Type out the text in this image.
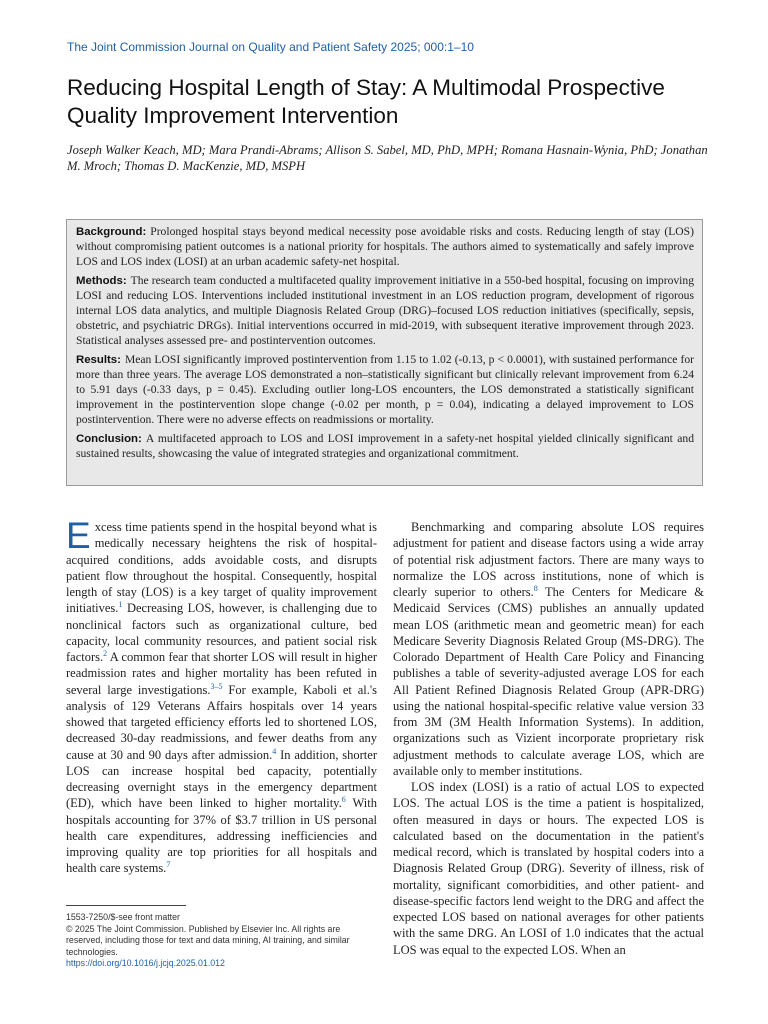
The Joint Commission Journal on Quality and Patient Safety 2025; 000:1–10
Reducing Hospital Length of Stay: A Multimodal Prospective Quality Improvement Intervention
Joseph Walker Keach, MD; Mara Prandi-Abrams; Allison S. Sabel, MD, PhD, MPH; Romana Hasnain-Wynia, PhD; Jonathan M. Mroch; Thomas D. MacKenzie, MD, MSPH

Background: Prolonged hospital stays beyond medical necessity pose avoidable risks and costs. Reducing length of stay (LOS) without compromising patient outcomes is a national priority for hospitals. The authors aimed to systematically and safely improve LOS and LOS index (LOSI) at an urban academic safety-net hospital.

Methods: The research team conducted a multifaceted quality improvement initiative in a 550-bed hospital, focusing on improving LOSI and reducing LOS. Interventions included institutional investment in an LOS reduction program, development of rigorous internal LOS data analytics, and multiple Diagnosis Related Group (DRG)–focused LOS reduction initiatives (specifically, sepsis, obstetric, and psychiatric DRGs). Initial interventions occurred in mid-2019, with subsequent iterative improvement through 2023. Statistical analyses assessed pre- and postintervention outcomes.

Results: Mean LOSI significantly improved postintervention from 1.15 to 1.02 (-0.13, p < 0.0001), with sustained performance for more than three years. The average LOS demonstrated a non–statistically significant but clinically relevant improvement from 6.24 to 5.91 days (-0.33 days, p = 0.45). Excluding outlier long-LOS encounters, the LOS demonstrated a statistically significant improvement in the postintervention slope change (-0.02 per month, p = 0.04), indicating a delayed improvement to LOS postintervention. There were no adverse effects on readmissions or mortality.

Conclusion: A multifaceted approach to LOS and LOSI improvement in a safety-net hospital yielded clinically significant and sustained results, showcasing the value of integrated strategies and organizational commitment.

Excess time patients spend in the hospital beyond what is medically necessary heightens the risk of hospital-acquired conditions, adds avoidable costs, and disrupts patient flow throughout the hospital. Consequently, hospital length of stay (LOS) is a key target of quality improvement initiatives.$^1$ Decreasing LOS, however, is challenging due to nonclinical factors such as organizational culture, bed capacity, local community resources, and patient social risk factors.$^2$ A common fear that shorter LOS will result in higher readmission rates and higher mortality has been refuted in several large investigations.$^{3-5}$ For example, Kaboli et al.'s analysis of 129 Veterans Affairs hospitals over 14 years showed that targeted efficiency efforts led to shortened LOS, decreased 30-day readmissions, and fewer deaths from any cause at 30 and 90 days after admission.$^4$ In addition, shorter LOS can increase hospital bed capacity, potentially decreasing overnight stays in the emergency department (ED), which have been linked to higher mortality.$^6$ With hospitals accounting for 37% of $3.7 trillion in US personal health care expenditures, addressing inefficiencies and improving quality are top priorities for all hospitals and health care systems.$^7$

Benchmarking and comparing absolute LOS requires adjustment for patient and disease factors using a wide array of potential risk adjustment factors. There are many ways to normalize the LOS across institutions, none of which is clearly superior to others.$^8$ The Centers for Medicare & Medicaid Services (CMS) publishes an annually updated mean LOS (arithmetic mean and geometric mean) for each Medicare Severity Diagnosis Related Group (MS-DRG). The Colorado Department of Health Care Policy and Financing publishes a table of severity-adjusted average LOS for each All Patient Refined Diagnosis Related Group (APR-DRG) using the national hospital-specific relative value version 33 from 3M (3M Health Information Systems). In addition, organizations such as Vizient incorporate proprietary risk adjustment methods to calculate average LOS, which are available only to member institutions.

LOS index (LOSI) is a ratio of actual LOS to expected LOS. The actual LOS is the time a patient is hospitalized, often measured in days or hours. The expected LOS is calculated based on the documentation in the patient's medical record, which is translated by hospital coders into a Diagnosis Related Group (DRG). Severity of illness, risk of mortality, significant comorbidities, and other patient- and disease-specific factors lend weight to the DRG and affect the expected LOS based on national averages for other patients with the same DRG. An LOSI of 1.0 indicates that the actual LOS was equal to the expected LOS. When an

1553-7250/$-see front matter
© 2025 The Joint Commission. Published by Elsevier Inc. All rights are reserved, including those for text and data mining, AI training, and similar technologies.
https://doi.org/10.1016/j.jcjq.2025.01.012
